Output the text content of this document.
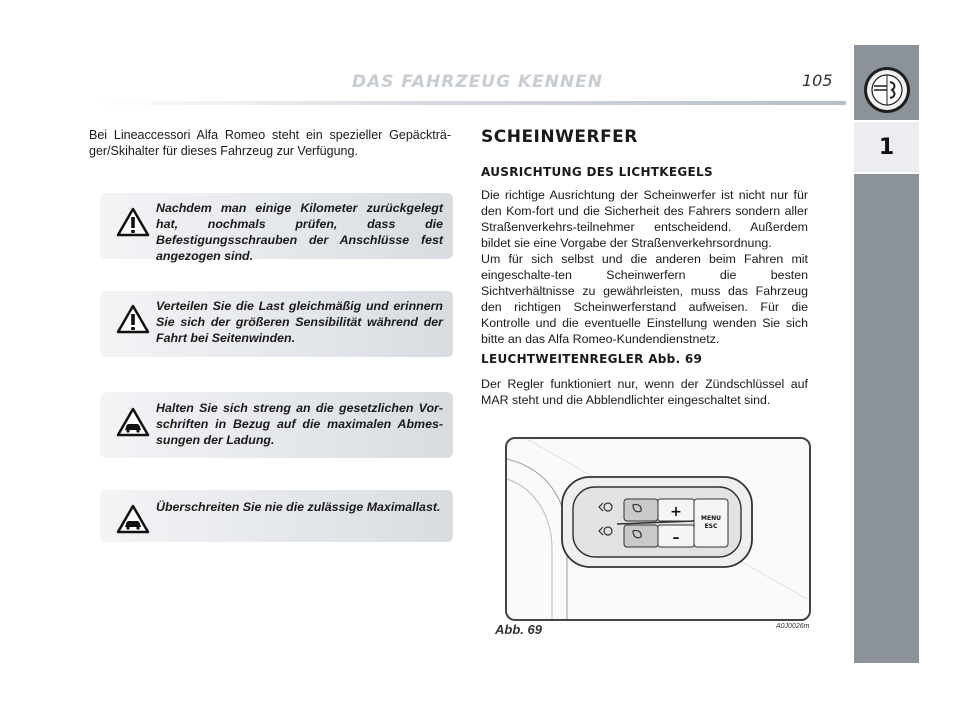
DAS FAHRZEUG KENNEN	105
1
Bei Lineaccessori Alfa Romeo steht ein spezieller Gepäckträ-ger/Skihalter für dieses Fahrzeug zur Verfügung.
Nachdem man einige Kilometer zurückgelegt hat, nochmals prüfen, dass die Befestigungsschrauben der Anschlüsse fest angezogen sind.
Verteilen Sie die Last gleichmäßig und erinnern Sie sich der größeren Sensibilität während der Fahrt bei Seitenwinden.
Halten Sie sich streng an die gesetzlichen Vor-schriften in Bezug auf die maximalen Abmes-sungen der Ladung.
Überschreiten Sie nie die zulässige Maximallast.
SCHEINWERFER
AUSRICHTUNG DES LICHTKEGELS
Die richtige Ausrichtung der Scheinwerfer ist nicht nur für den Kom-fort und die Sicherheit des Fahrers sondern aller Straßenverkehrs-teilnehmer entscheidend. Außerdem bildet sie eine Vorgabe der Straßenverkehrsordnung.
Um für sich selbst und die anderen beim Fahren mit eingeschalte-ten Scheinwerfern die besten Sichtverhältnisse zu gewährleisten, muss das Fahrzeug den richtigen Scheinwerferstand aufweisen. Für die Kontrolle und die eventuelle Einstellung wenden Sie sich bitte an das Alfa Romeo-Kundendienstnetz.
LEUCHTWEITENREGLER Abb. 69
Der Regler funktioniert nur, wenn der Zündschlüssel auf MAR steht und die Abblendlichter eingeschaltet sind.
+
–
MENU
ESC
Abb. 69	A0J0026m
